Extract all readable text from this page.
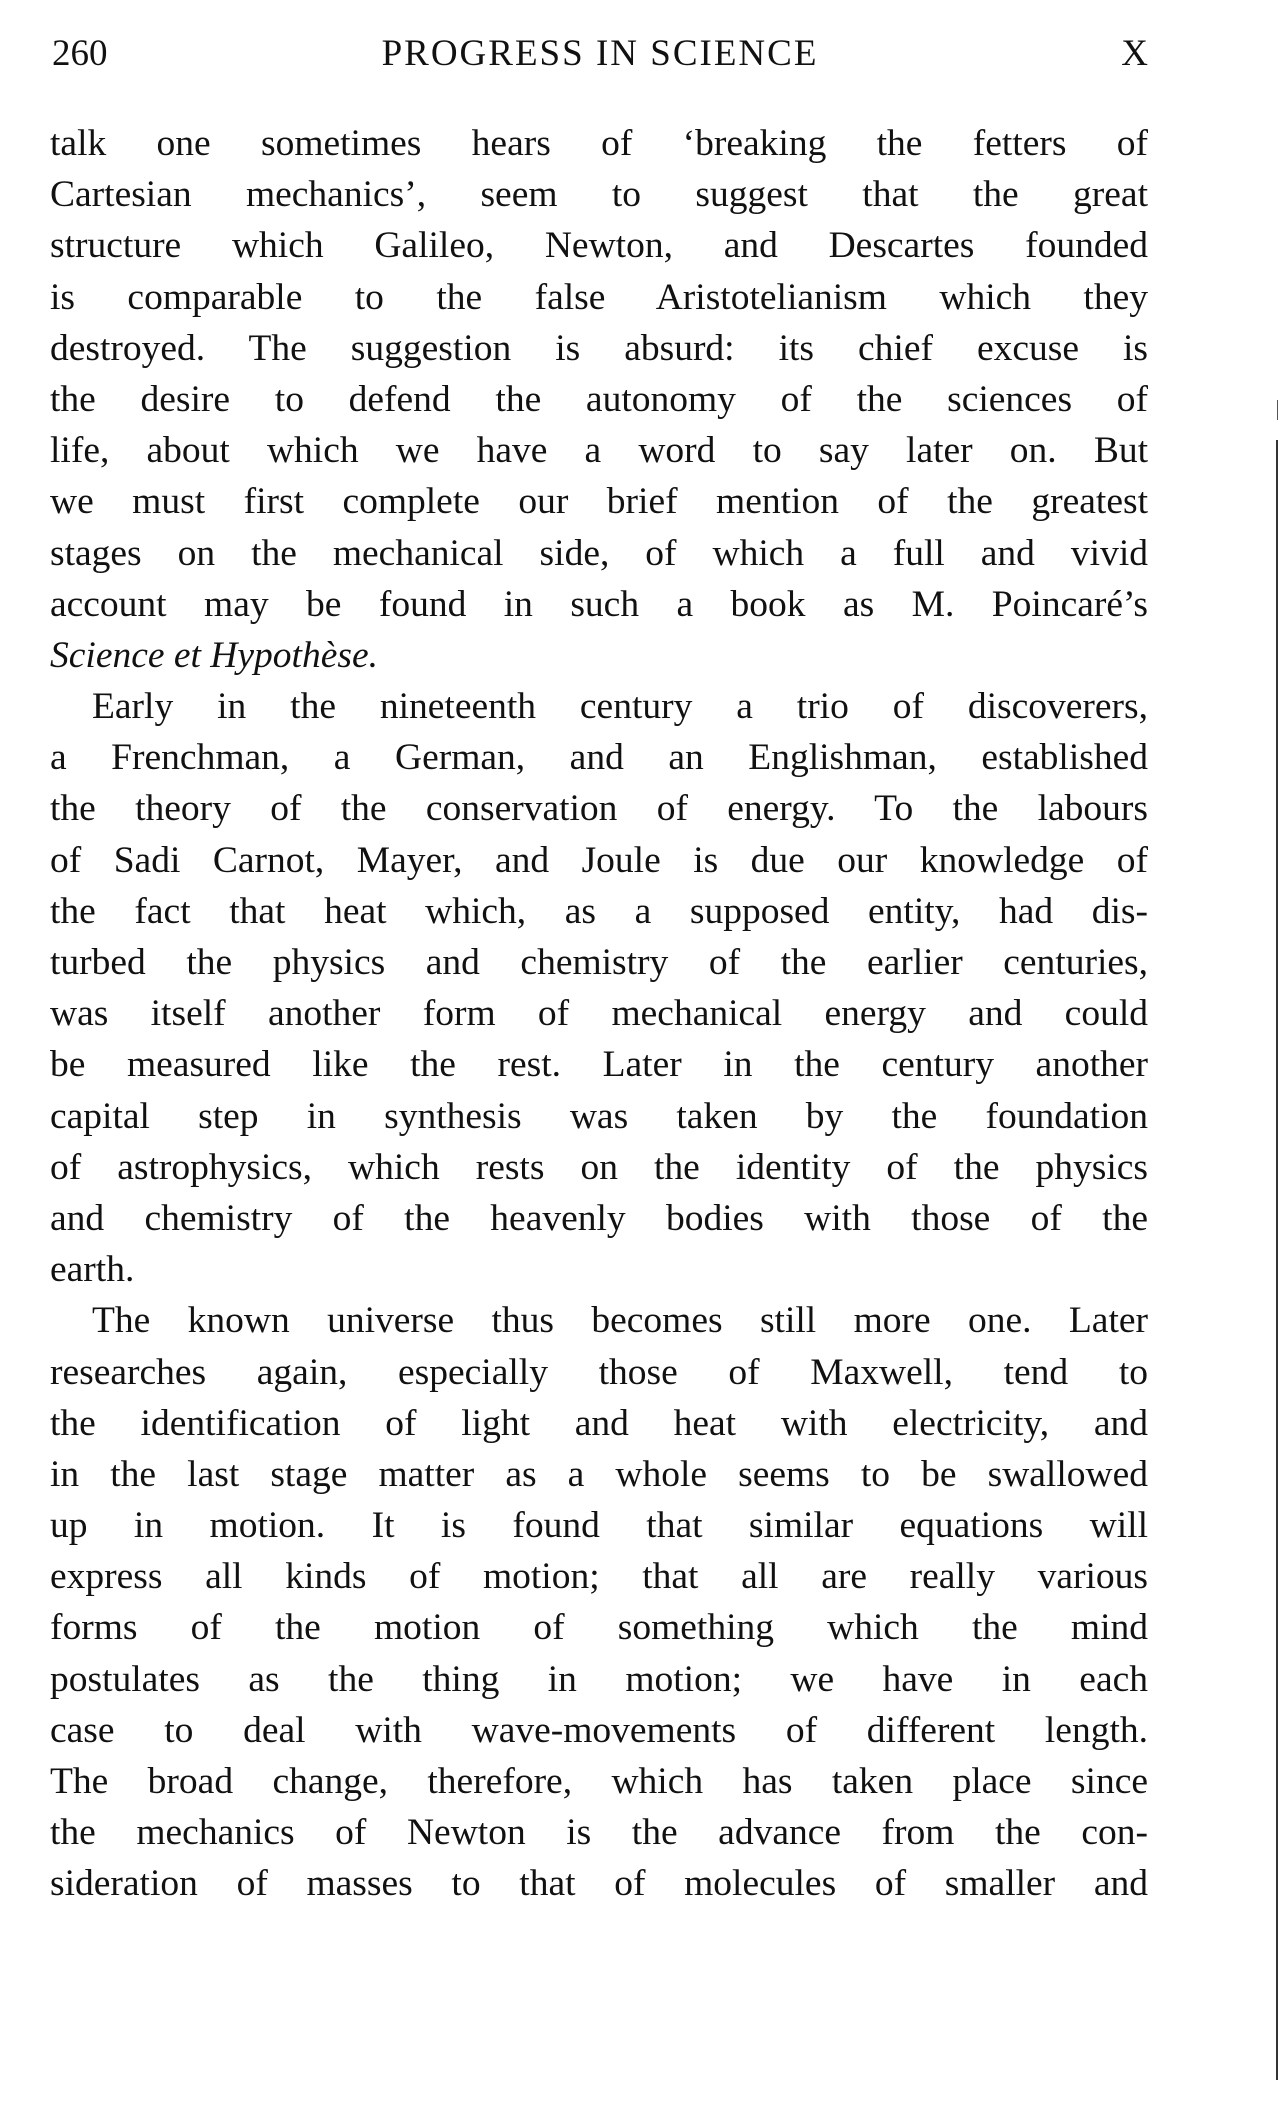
260	PROGRESS IN SCIENCE	X
talk one sometimes hears of ‘breaking the fetters of
Cartesian mechanics’, seem to suggest that the great
structure which Galileo, Newton, and Descartes founded
is comparable to the false Aristotelianism which they
destroyed. The suggestion is absurd: its chief excuse is
the desire to defend the autonomy of the sciences of
life, about which we have a word to say later on. But
we must first complete our brief mention of the greatest
stages on the mechanical side, of which a full and vivid
account may be found in such a book as M. Poincaré’s
Science et Hypothèse.
Early in the nineteenth century a trio of discoverers,
a Frenchman, a German, and an Englishman, established
the theory of the conservation of energy. To the labours
of Sadi Carnot, Mayer, and Joule is due our knowledge of
the fact that heat which, as a supposed entity, had dis-
turbed the physics and chemistry of the earlier centuries,
was itself another form of mechanical energy and could
be measured like the rest. Later in the century another
capital step in synthesis was taken by the foundation
of astrophysics, which rests on the identity of the physics
and chemistry of the heavenly bodies with those of the
earth.
The known universe thus becomes still more one. Later
researches again, especially those of Maxwell, tend to
the identification of light and heat with electricity, and
in the last stage matter as a whole seems to be swallowed
up in motion. It is found that similar equations will
express all kinds of motion; that all are really various
forms of the motion of something which the mind
postulates as the thing in motion; we have in each
case to deal with wave-movements of different length.
The broad change, therefore, which has taken place since
the mechanics of Newton is the advance from the con-
sideration of masses to that of molecules of smaller and
